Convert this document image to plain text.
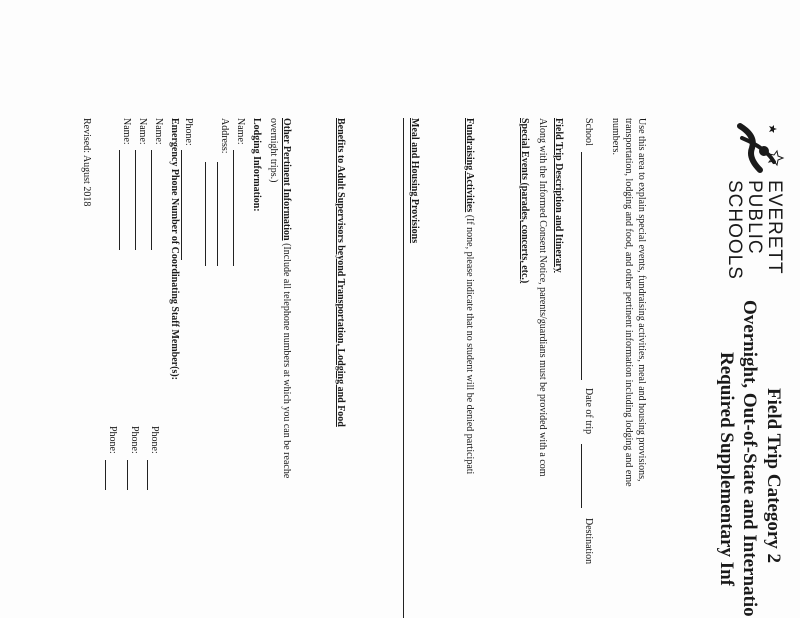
EVERETT
PUBLIC
SCHOOLS
Field Trip Category 2
Overnight, Out-of-State and Internatio
Required Supplementary Inf
Use this area to explain special events, fundraising activities, meal and housing provisions,
transportation, lodging and food, and other pertinent information including lodging and eme
numbers.
School
Date of trip
Destination
Field Trip Description and Itinerary
Along with the Informed Consent Notice, parents/guardians must be provided with a com
Special Events (parades, concerts, etc.)
Fundraising Activities (If none, please indicate that no student will be denied participati
Meal and Housing Provisions
Benefits to Adult Supervisors beyond Transportation, Lodging and Food
Other Pertinent Information (Include all telephone numbers at which you can be reache
overnight trips.)
Lodging Information:
Name:
Address:
Phone:
Emergency Phone Number of Coordinating Staff Member(s):
Name:
Phone:
Name:
Phone:
Name:
Phone:
Revised: August 2018
